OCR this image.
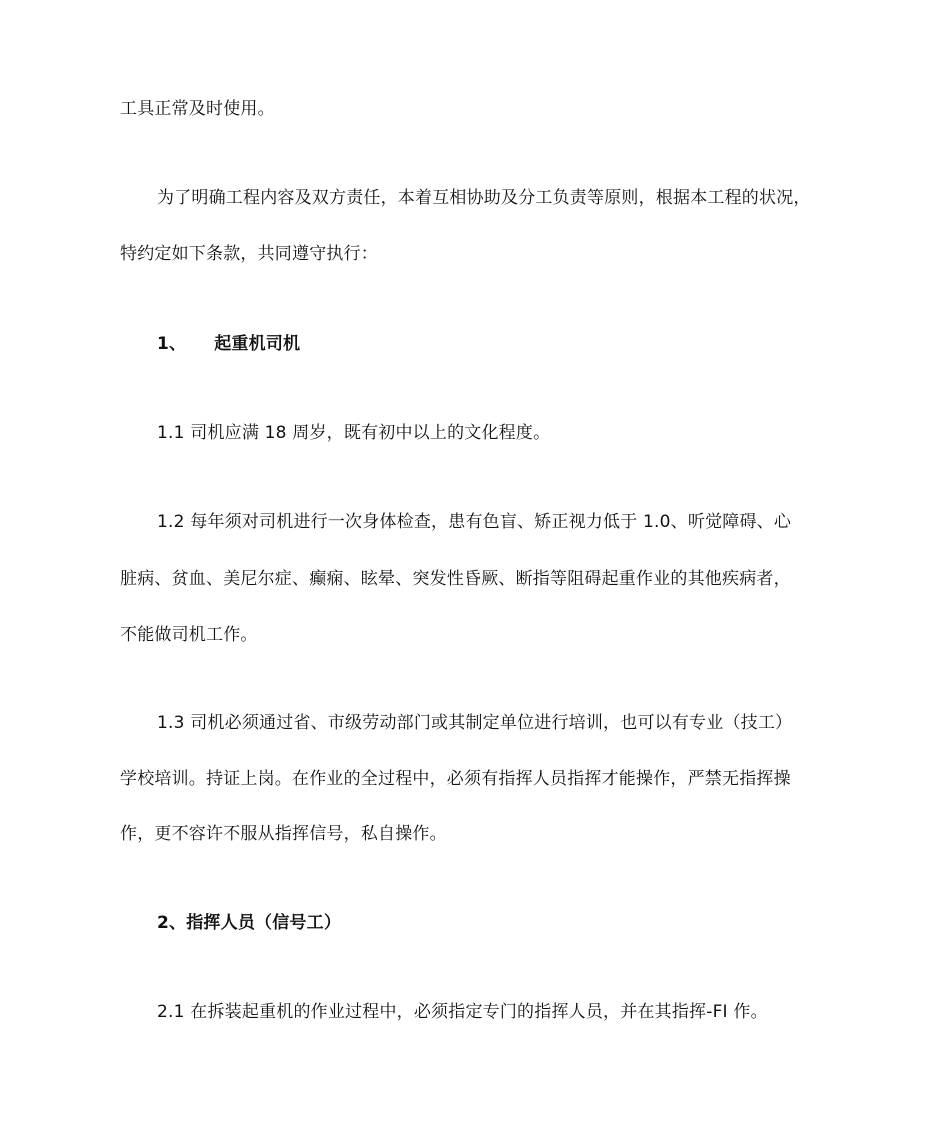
工具正常及时使用。
为了明确工程内容及双方责任，本着互相协助及分工负责等原则，根据本工程的状况，
特约定如下条款，共同遵守执行：
1、 起重机司机
1.1 司机应满 18 周岁，既有初中以上的文化程度。
1.2 每年须对司机进行一次身体检查，患有色盲、矫正视力低于 1.0、听觉障碍、心
脏病、贫血、美尼尔症、癫痫、眩晕、突发性昏厥、断指等阻碍起重作业的其他疾病者，
不能做司机工作。
1.3 司机必须通过省、市级劳动部门或其制定单位进行培训，也可以有专业（技工）
学校培训。持证上岗。在作业的全过程中，必须有指挥人员指挥才能操作，严禁无指挥操
作，更不容许不服从指挥信号，私自操作。
2、指挥人员（信号工）
2.1 在拆装起重机的作业过程中，必须指定专门的指挥人员，并在其指挥-FI 作。
